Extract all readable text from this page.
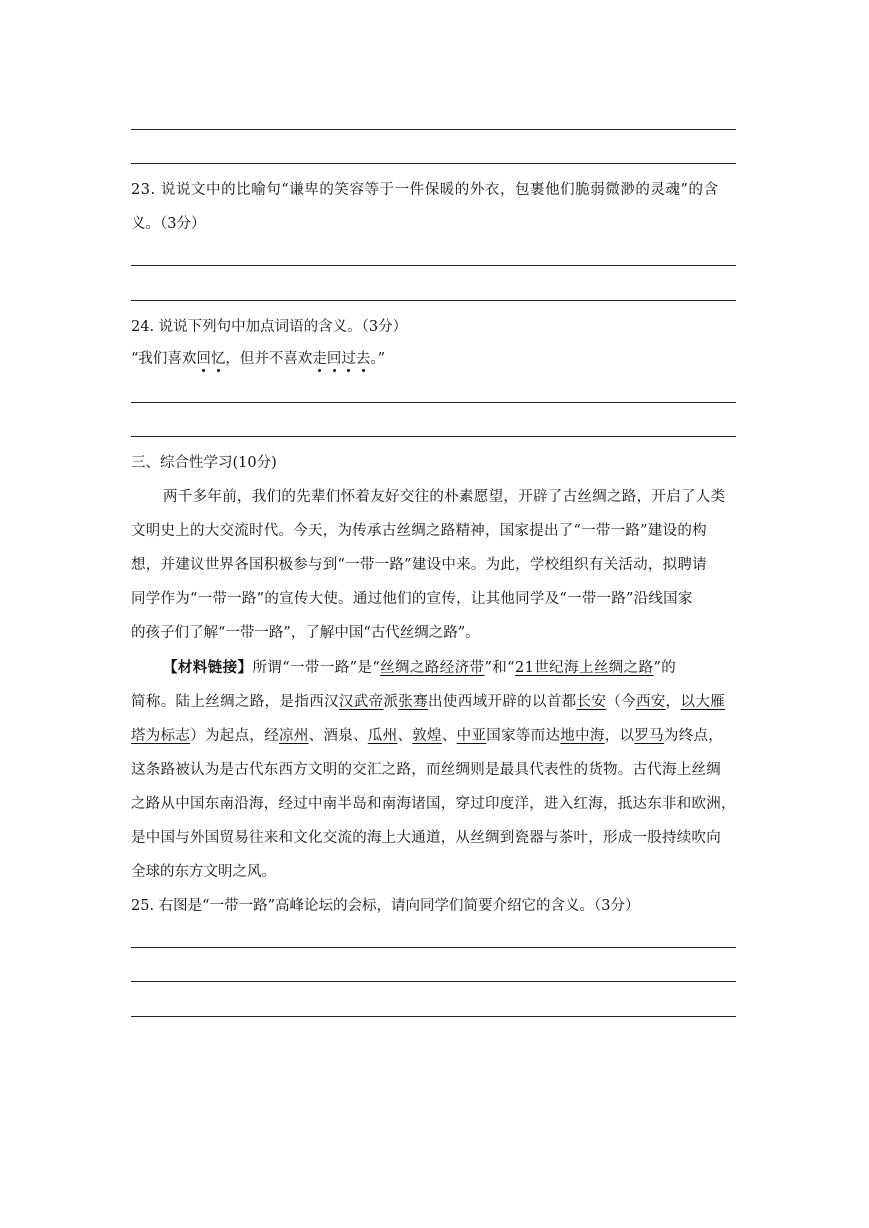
23. 说说文中的比喻句“谦卑的笑容等于一件保暖的外衣，包裹他们脆弱微渺的灵魂”的含
义。（3分）
24. 说说下列句中加点词语的含义。（3分）
“我们喜欢回忆，但并不喜欢走回过去。”
三、综合性学习(10分)
两千多年前，我们的先辈们怀着友好交往的朴素愿望，开辟了古丝绸之路，开启了人类
文明史上的大交流时代。今天，为传承古丝绸之路精神，国家提出了“一带一路”建设的构
想，并建议世界各国积极参与到“一带一路”建设中来。为此，学校组织有关活动，拟聘请
同学作为“一带一路”的宣传大使。通过他们的宣传，让其他同学及“一带一路”沿线国家
的孩子们了解“一带一路”，了解中国“古代丝绸之路”。
【材料链接】所谓“一带一路”是“丝绸之路经济带”和“21世纪海上丝绸之路”的
简称。陆上丝绸之路，是指西汉汉武帝派张骞出使西域开辟的以首都长安（今西安，以大雁
塔为标志）为起点，经凉州、酒泉、瓜州、敦煌、中亚国家等而达地中海，以罗马为终点，
这条路被认为是古代东西方文明的交汇之路，而丝绸则是最具代表性的货物。古代海上丝绸
之路从中国东南沿海，经过中南半岛和南海诸国，穿过印度洋，进入红海，抵达东非和欧洲，
是中国与外国贸易往来和文化交流的海上大通道，从丝绸到瓷器与茶叶，形成一股持续吹向
全球的东方文明之风。
25. 右图是“一带一路”高峰论坛的会标，请向同学们简要介绍它的含义。（3分）
